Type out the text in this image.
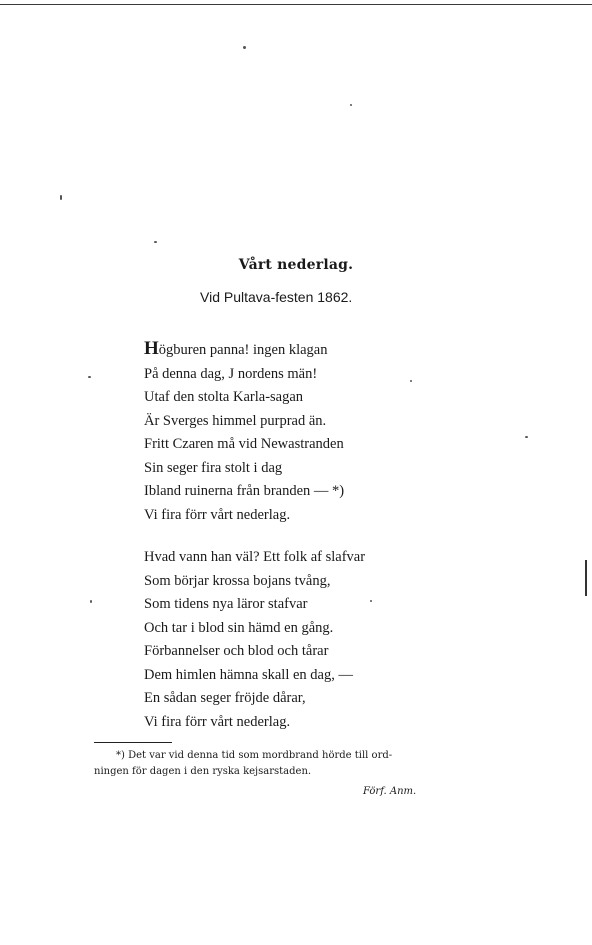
Vårt nederlag.
Vid Pultava-festen 1862.
Högburen panna! ingen klagan
På denna dag, J nordens män!
Utaf den stolta Karla-sagan
Är Sverges himmel purprad än.
Fritt Czaren må vid Newastranden
Sin seger fira stolt i dag
Ibland ruinerna från branden — *)
Vi fira förr vårt nederlag.
Hvad vann han väl? Ett folk af slafvar
Som börjar krossa bojans tvång,
Som tidens nya läror stafvar
Och tar i blod sin hämd en gång.
Förbannelser och blod och tårar
Dem himlen hämna skall en dag, —
En sådan seger fröjde dårar,
Vi fira förr vårt nederlag.
*) Det var vid denna tid som mordbrand hörde till ord-
ningen för dagen i den ryska kejsarstaden.
Förf. Anm.
